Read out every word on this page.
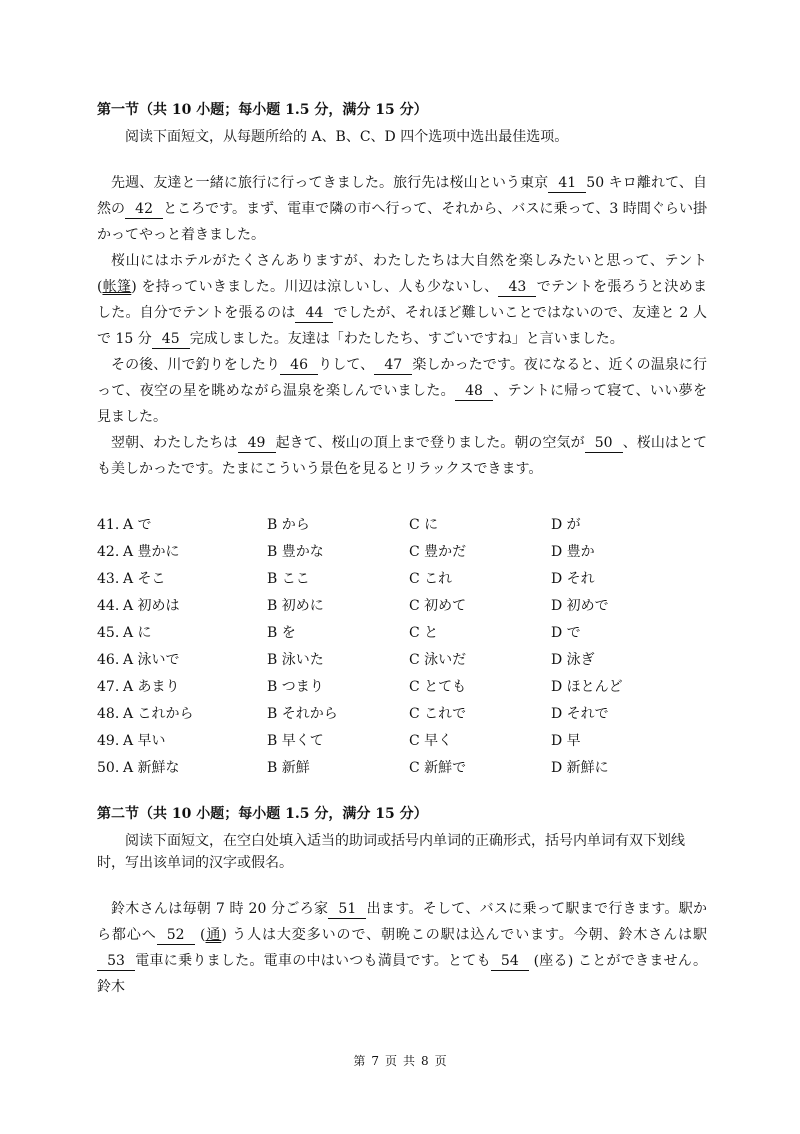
第一节（共 10 小题；每小题 1.5 分，满分 15 分）

阅读下面短文，从每题所给的 A、B、C、D 四个选项中选出最佳选项。

先週、友達と一緒に旅行に行ってきました。旅行先は桜山という東京 41 50 キロ離れて、自然の 42 ところです。まず、電車で隣の市へ行って、それから、バスに乗って、3 時間ぐらい掛かってやっと着きました。

桜山にはホテルがたくさんありますが、わたしたちは大自然を楽しみたいと思って、テント (帐篷) を持っていきました。川辺は涼しいし、人も少ないし、 43 でテントを張ろうと決めました。自分でテントを張るのは 44 でしたが、それほど難しいことではないので、友達と 2 人で 15 分 45 完成しました。友達は「わたしたち、すごいですね」と言いました。

その後、川で釣りをしたり 46 りして、 47 楽しかったです。夜になると、近くの温泉に行って、夜空の星を眺めながら温泉を楽しんでいました。 48 、テントに帰って寝て、いい夢を見ました。

翌朝、わたしたちは 49 起きて、桜山の頂上まで登りました。朝の空気が 50 、桜山はとても美しかったです。たまにこういう景色を見るとリラックスできます。

41. A で	B から	C に	D が
42. A 豊かに	B 豊かな	C 豊かだ	D 豊か
43. A そこ	B ここ	C これ	D それ
44. A 初めは	B 初めに	C 初めて	D 初めで
45. A に	B を	C と	D で
46. A 泳いで	B 泳いた	C 泳いだ	D 泳ぎ
47. A あまり	B つまり	C とても	D ほとんど
48. A これから	B それから	C これで	D それで
49. A 早い	B 早くて	C 早く	D 早
50. A 新鮮な	B 新鮮	C 新鮮で	D 新鮮に
第二节（共 10 小题；每小题 1.5 分，满分 15 分）

阅读下面短文，在空白处填入适当的助词或括号内单词的正确形式，括号内单词有双下划线时，写出该单词的汉字或假名。

鈴木さんは毎朝 7 時 20 分ごろ家 51 出ます。そして、バスに乗って駅まで行きます。駅から都心へ 52 (通) う人は大変多いので、朝晩この駅は込んでいます。今朝、鈴木さんは駅53 電車に乗りました。電車の中はいつも満員です。とても 54 (座る) ことができません。鈴木

第 7 页 共 8 页
